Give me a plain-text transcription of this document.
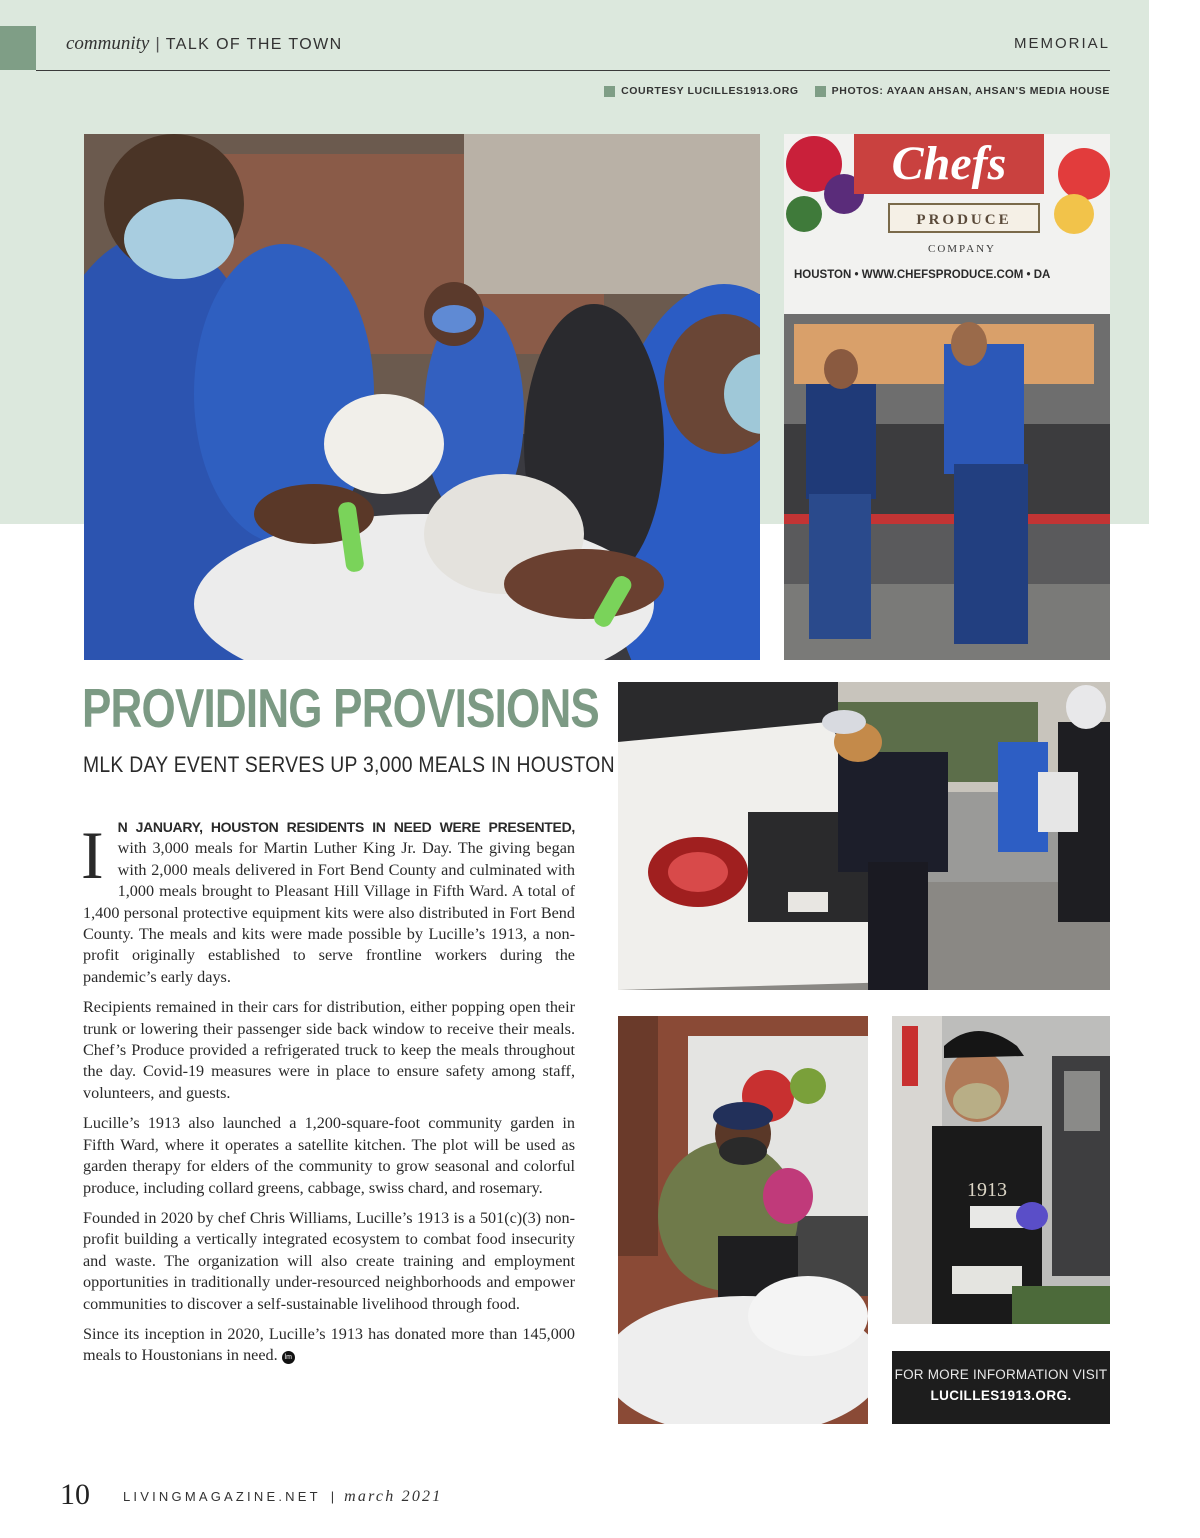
community | TALK OF THE TOWN	MEMORIAL
COURTESY LUCILLES1913.ORG	PHOTOS: AYAAN AHSAN, AHSAN'S MEDIA HOUSE
Chefs
PRODUCE
COMPANY
HOUSTON • WWW.CHEFSPRODUCE.COM • DA
PROVIDING PROVISIONS
MLK DAY EVENT SERVES UP 3,000 MEALS IN HOUSTON

I N JANUARY, HOUSTON RESIDENTS IN NEED WERE PRESENTED, with 3,000 meals for Martin Luther King Jr. Day. The giving began with 2,000 meals delivered in Fort Bend County and culminated with 1,000 meals brought to Pleasant Hill Village in Fifth Ward. A total of 1,400 personal protective equipment kits were also distributed in Fort Bend County. The meals and kits were made possible by Lucille’s 1913, a non-profit originally established to serve frontline workers during the pandemic’s early days.

Recipients remained in their cars for distribution, either popping open their trunk or lowering their passenger side back window to receive their meals. Chef’s Produce provided a refrigerated truck to keep the meals throughout the day. Covid-19 measures were in place to ensure safety among staff, volunteers, and guests.

Lucille’s 1913 also launched a 1,200-square-foot community garden in Fifth Ward, where it operates a satellite kitchen. The plot will be used as garden therapy for elders of the community to grow seasonal and colorful produce, including collard greens, cabbage, swiss chard, and rosemary.

Founded in 2020 by chef Chris Williams, Lucille’s 1913 is a 501(c)(3) non-profit building a vertically integrated ecosystem to combat food insecurity and waste. The organization will also create training and employment opportunities in traditionally under-resourced neighborhoods and empower communities to discover a self-sustainable livelihood through food.

Since its inception in 2020, Lucille’s 1913 has donated more than 145,000 meals to Houstonians in need. lm

1913
FOR MORE INFORMATION VISIT
LUCILLES1913.ORG.
10	LIVINGMAGAZINE.NET | march 2021
